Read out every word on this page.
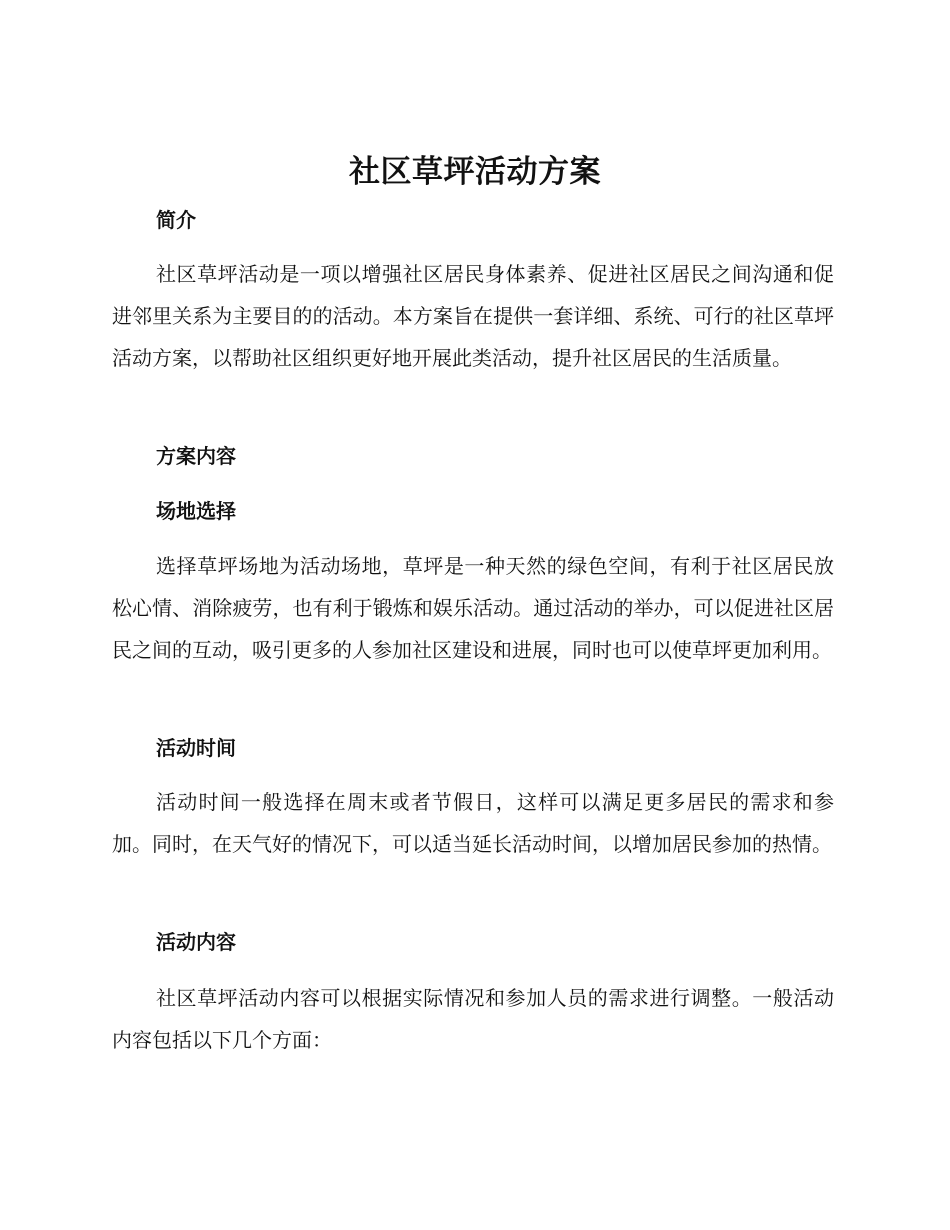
社区草坪活动方案
简介

社区草坪活动是一项以增强社区居民身体素养、促进社区居民之间沟通和促进邻里关系为主要目的的活动。本方案旨在提供一套详细、系统、可行的社区草坪活动方案，以帮助社区组织更好地开展此类活动，提升社区居民的生活质量。

方案内容
场地选择

选择草坪场地为活动场地，草坪是一种天然的绿色空间，有利于社区居民放松心情、消除疲劳，也有利于锻炼和娱乐活动。通过活动的举办，可以促进社区居民之间的互动，吸引更多的人参加社区建设和进展，同时也可以使草坪更加利用。

活动时间

活动时间一般选择在周末或者节假日，这样可以满足更多居民的需求和参加。同时，在天气好的情况下，可以适当延长活动时间，以增加居民参加的热情。

活动内容

社区草坪活动内容可以根据实际情况和参加人员的需求进行调整。一般活动内容包括以下几个方面：
